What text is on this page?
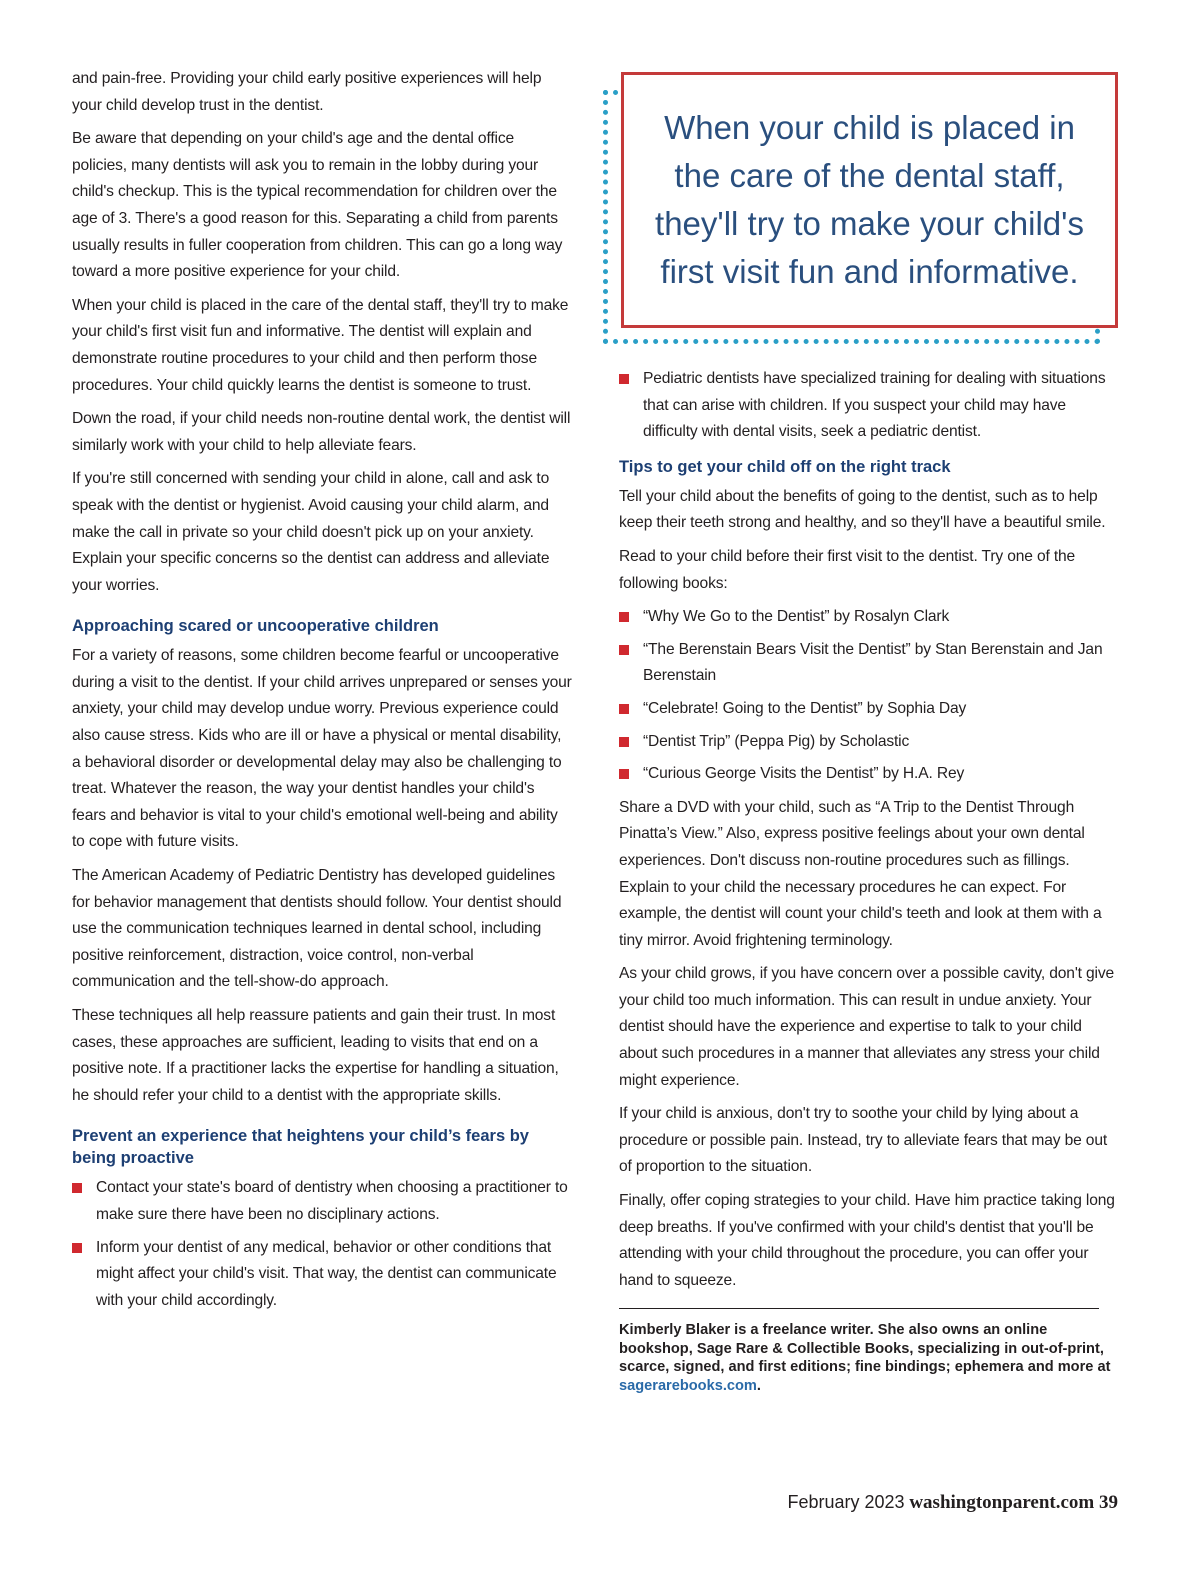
and pain-free. Providing your child early positive experiences will help your child develop trust in the dentist.

Be aware that depending on your child's age and the dental office policies, many dentists will ask you to remain in the lobby during your child's checkup. This is the typical recommendation for children over the age of 3. There's a good reason for this. Separating a child from parents usually results in fuller cooperation from children. This can go a long way toward a more positive experience for your child.

When your child is placed in the care of the dental staff, they'll try to make your child's first visit fun and informative. The dentist will explain and demonstrate routine procedures to your child and then perform those procedures. Your child quickly learns the dentist is someone to trust.

Down the road, if your child needs non-routine dental work, the dentist will similarly work with your child to help alleviate fears.

If you're still concerned with sending your child in alone, call and ask to speak with the dentist or hygienist. Avoid causing your child alarm, and make the call in private so your child doesn't pick up on your anxiety. Explain your specific concerns so the dentist can address and alleviate your worries.

Approaching scared or uncooperative children

For a variety of reasons, some children become fearful or uncooperative during a visit to the dentist. If your child arrives unprepared or senses your anxiety, your child may develop undue worry. Previous experience could also cause stress. Kids who are ill or have a physical or mental disability, a behavioral disorder or developmental delay may also be challenging to treat. Whatever the reason, the way your dentist handles your child's fears and behavior is vital to your child's emotional well-being and ability to cope with future visits.

The American Academy of Pediatric Dentistry has developed guidelines for behavior management that dentists should follow. Your dentist should use the communication techniques learned in dental school, including positive reinforcement, distraction, voice control, non-verbal communication and the tell-show-do approach.

These techniques all help reassure patients and gain their trust. In most cases, these approaches are sufficient, leading to visits that end on a positive note. If a practitioner lacks the expertise for handling a situation, he should refer your child to a dentist with the appropriate skills.

Prevent an experience that heightens your child’s fears by being proactive
Contact your state's board of dentistry when choosing a practitioner to make sure there have been no disciplinary actions.
Inform your dentist of any medical, behavior or other conditions that might affect your child's visit. That way, the dentist can communicate with your child accordingly.

When your child is placed in the care of the dental staff, they'll try to make your child's first visit fun and informative.

Pediatric dentists have specialized training for dealing with situations that can arise with children. If you suspect your child may have difficulty with dental visits, seek a pediatric dentist.
Tips to get your child off on the right track

Tell your child about the benefits of going to the dentist, such as to help keep their teeth strong and healthy, and so they'll have a beautiful smile.

Read to your child before their first visit to the dentist. Try one of the following books:

“Why We Go to the Dentist” by Rosalyn Clark
“The Berenstain Bears Visit the Dentist” by Stan Berenstain and Jan Berenstain
“Celebrate! Going to the Dentist” by Sophia Day
“Dentist Trip” (Peppa Pig) by Scholastic
“Curious George Visits the Dentist” by H.A. Rey

Share a DVD with your child, such as “A Trip to the Dentist Through Pinatta’s View.” Also, express positive feelings about your own dental experiences. Don't discuss non-routine procedures such as fillings. Explain to your child the necessary procedures he can expect. For example, the dentist will count your child's teeth and look at them with a tiny mirror. Avoid frightening terminology.

As your child grows, if you have concern over a possible cavity, don't give your child too much information. This can result in undue anxiety. Your dentist should have the experience and expertise to talk to your child about such procedures in a manner that alleviates any stress your child might experience.

If your child is anxious, don't try to soothe your child by lying about a procedure or possible pain. Instead, try to alleviate fears that may be out of proportion to the situation.

Finally, offer coping strategies to your child. Have him practice taking long deep breaths. If you've confirmed with your child's dentist that you'll be attending with your child throughout the procedure, you can offer your hand to squeeze.

Kimberly Blaker is a freelance writer. She also owns an online bookshop, Sage Rare & Collectible Books, specializing in out-of-print, scarce, signed, and first editions; fine bindings; ephemera and more at sagerarebooks.com.

February 2023 washingtonparent.com 39
